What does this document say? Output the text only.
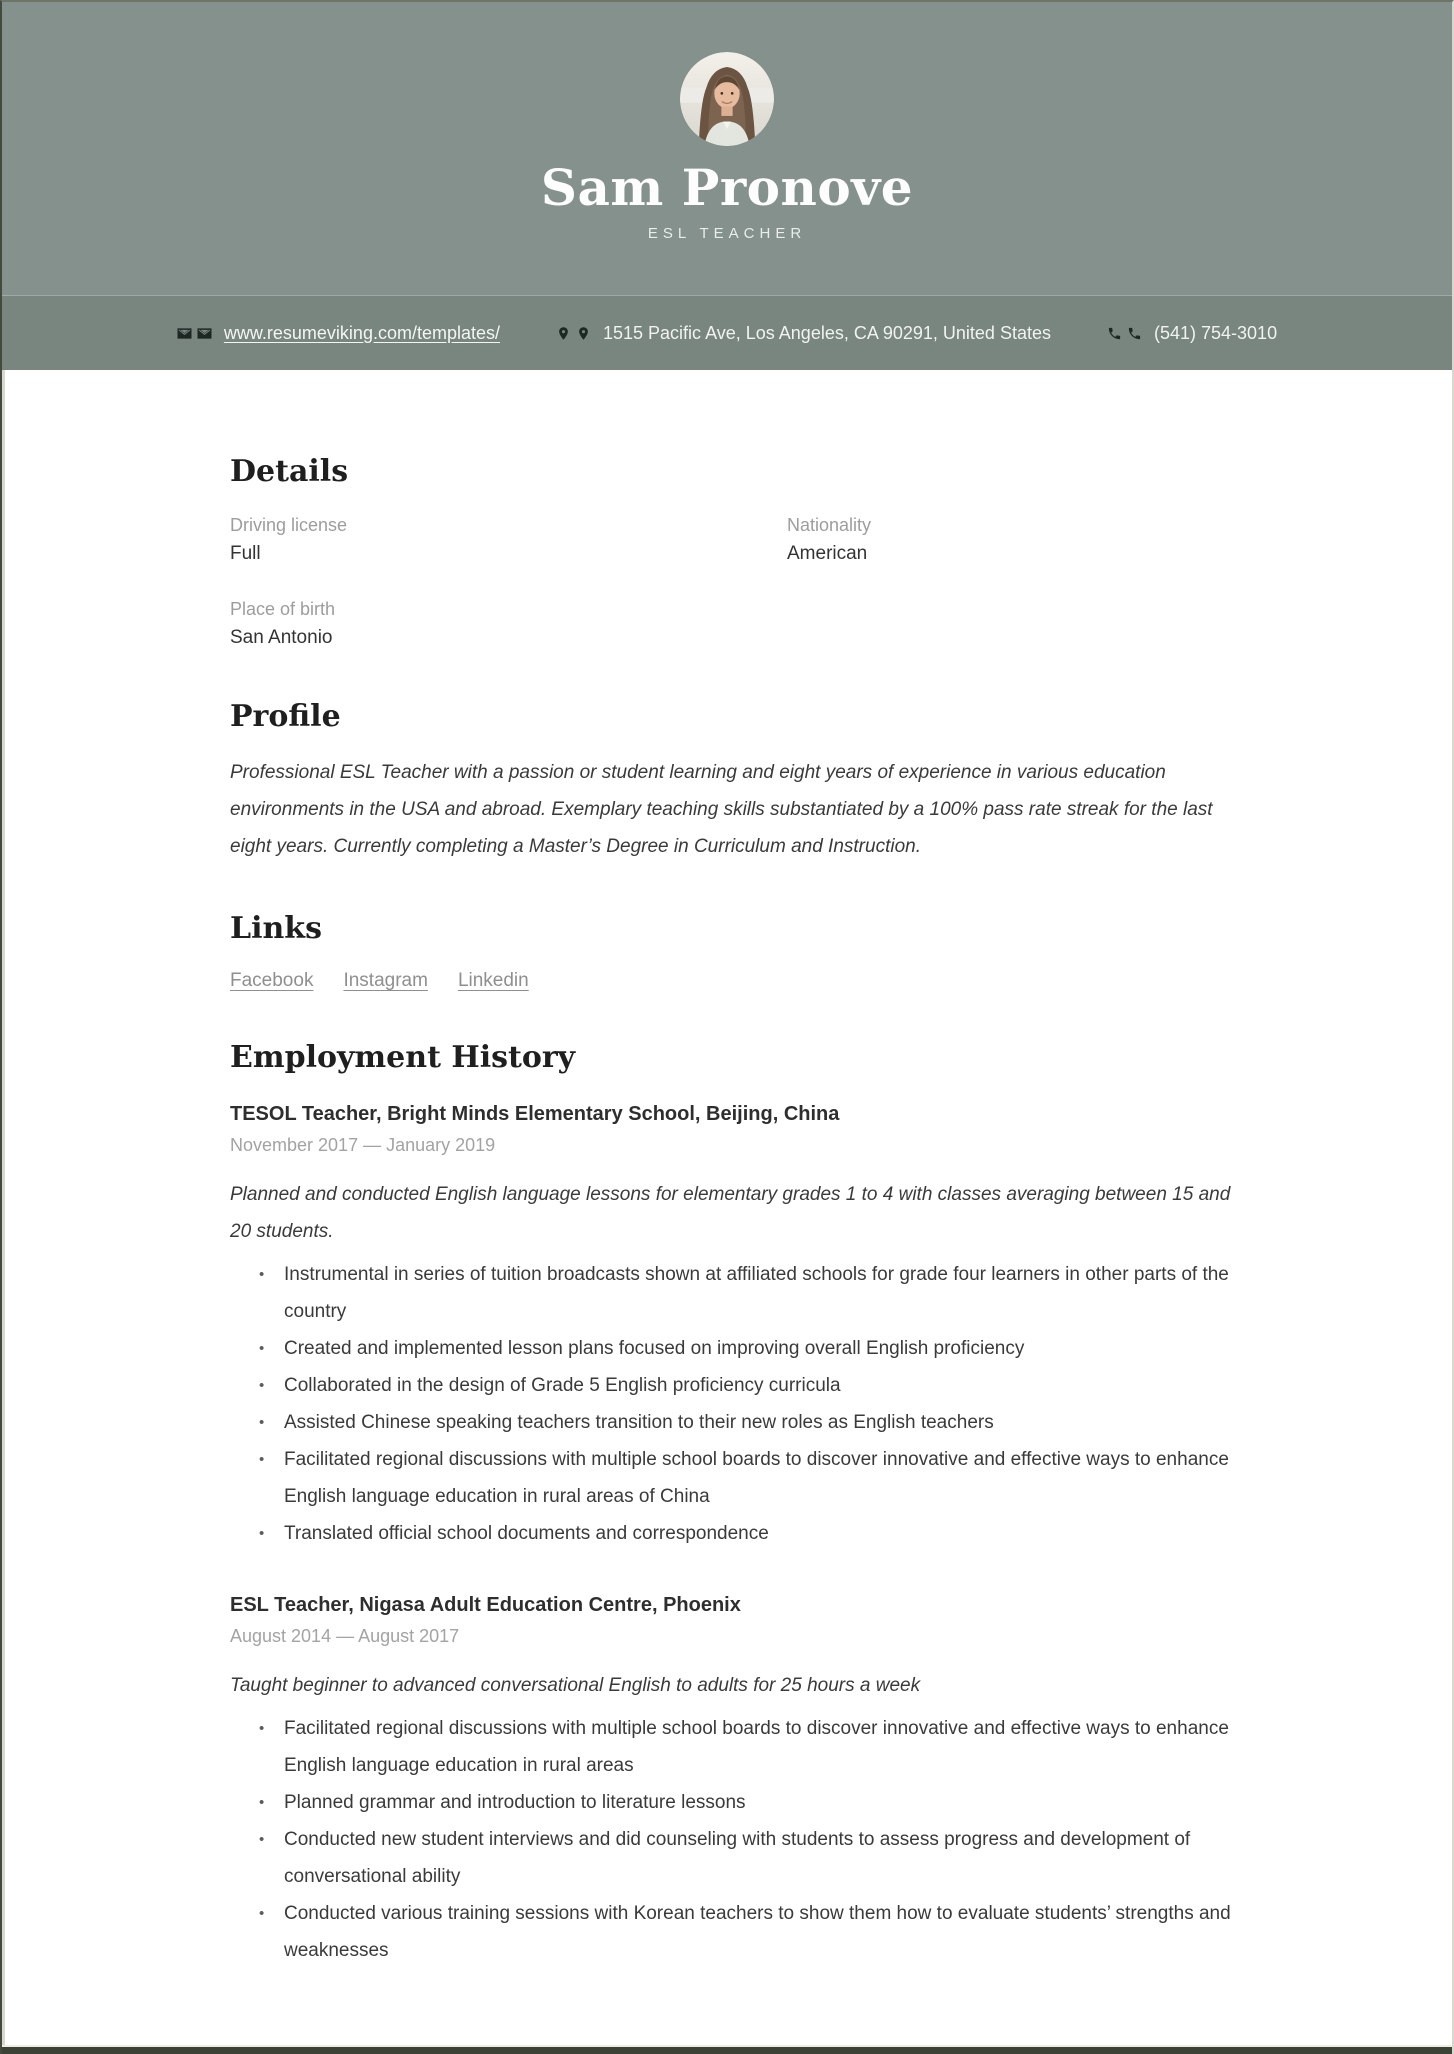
Sam Pronove
ESL TEACHER
www.resumeviking.com/templates/	1515 Pacific Ave, Los Angeles, CA 90291, United States	(541) 754-3010
Details
Driving license
Full
Nationality
American
Place of birth
San Antonio
Profile

Professional ESL Teacher with a passion or student learning and eight years of experience in various education environments in the USA and abroad. Exemplary teaching skills substantiated by a 100% pass rate streak for the last eight years. Currently completing a Master’s Degree in Curriculum and Instruction.

Links
Facebook Instagram Linkedin
Employment History
TESOL Teacher, Bright Minds Elementary School, Beijing, China
November 2017 — January 2019

Planned and conducted English language lessons for elementary grades 1 to 4 with classes averaging between 15 and 20 students.

• Instrumental in series of tuition broadcasts shown at affiliated schools for grade four learners in other parts of the country
• Created and implemented lesson plans focused on improving overall English proficiency
• Collaborated in the design of Grade 5 English proficiency curricula
• Assisted Chinese speaking teachers transition to their new roles as English teachers
• Facilitated regional discussions with multiple school boards to discover innovative and effective ways to enhance English language education in rural areas of China
• Translated official school documents and correspondence
ESL Teacher, Nigasa Adult Education Centre, Phoenix
August 2014 — August 2017

Taught beginner to advanced conversational English to adults for 25 hours a week

• Facilitated regional discussions with multiple school boards to discover innovative and effective ways to enhance English language education in rural areas
• Planned grammar and introduction to literature lessons
• Conducted new student interviews and did counseling with students to assess progress and development of conversational ability
• Conducted various training sessions with Korean teachers to show them how to evaluate students’ strengths and weaknesses
